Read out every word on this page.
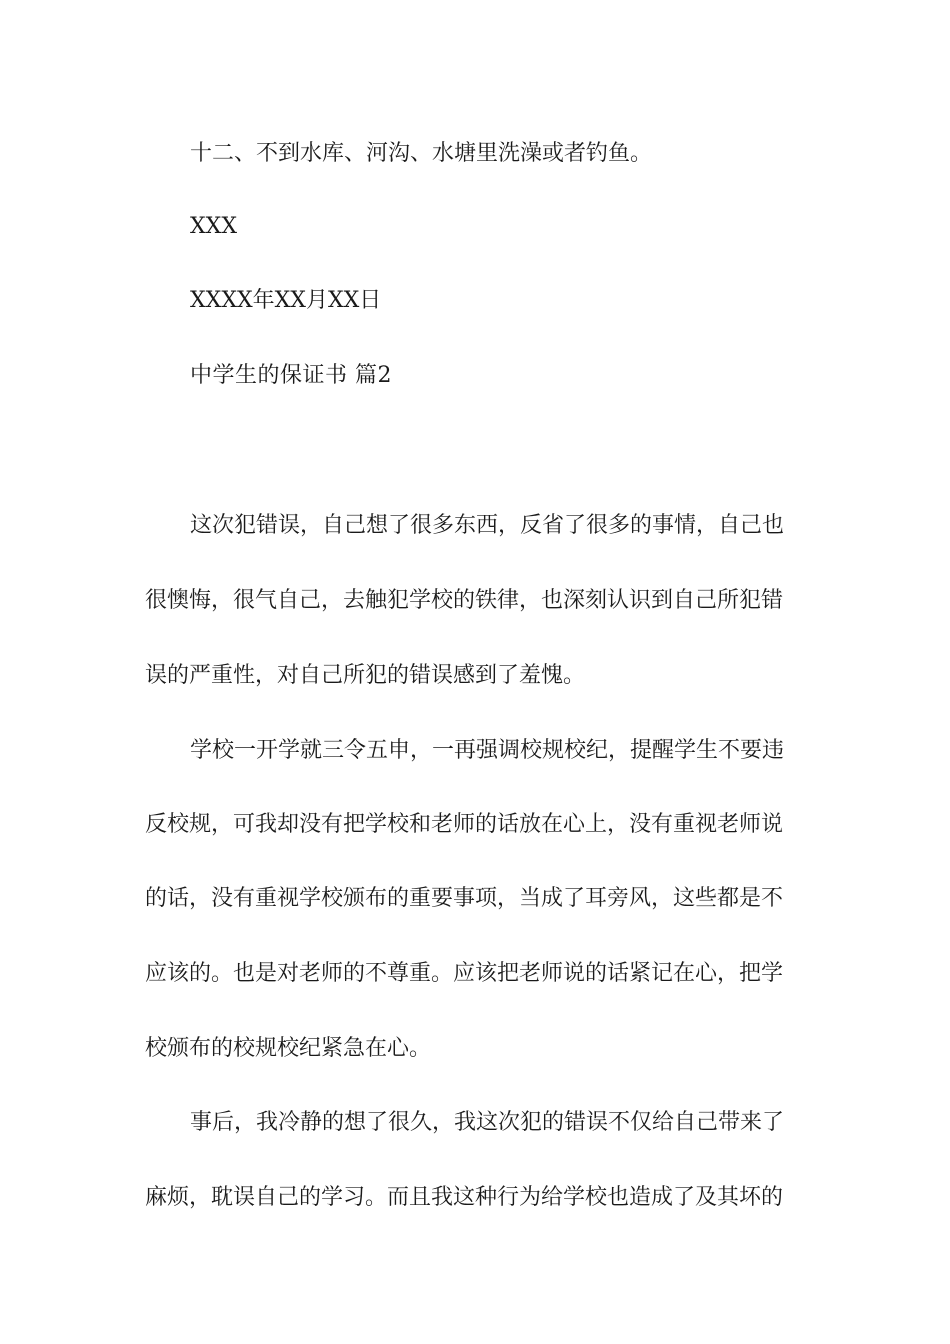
十二、不到水库、河沟、水塘里洗澡或者钓鱼。

XXX

XXXX年XX月XX日

中学生的保证书 篇2

这次犯错误，自己想了很多东西，反省了很多的事情，自己也

很懊悔，很气自己，去触犯学校的铁律，也深刻认识到自己所犯错

误的严重性，对自己所犯的错误感到了羞愧。

学校一开学就三令五申，一再强调校规校纪，提醒学生不要违

反校规，可我却没有把学校和老师的话放在心上，没有重视老师说

的话，没有重视学校颁布的重要事项，当成了耳旁风，这些都是不

应该的。也是对老师的不尊重。应该把老师说的话紧记在心，把学

校颁布的校规校纪紧急在心。

事后，我冷静的想了很久，我这次犯的错误不仅给自己带来了

麻烦，耽误自己的学习。而且我这种行为给学校也造成了及其坏的
